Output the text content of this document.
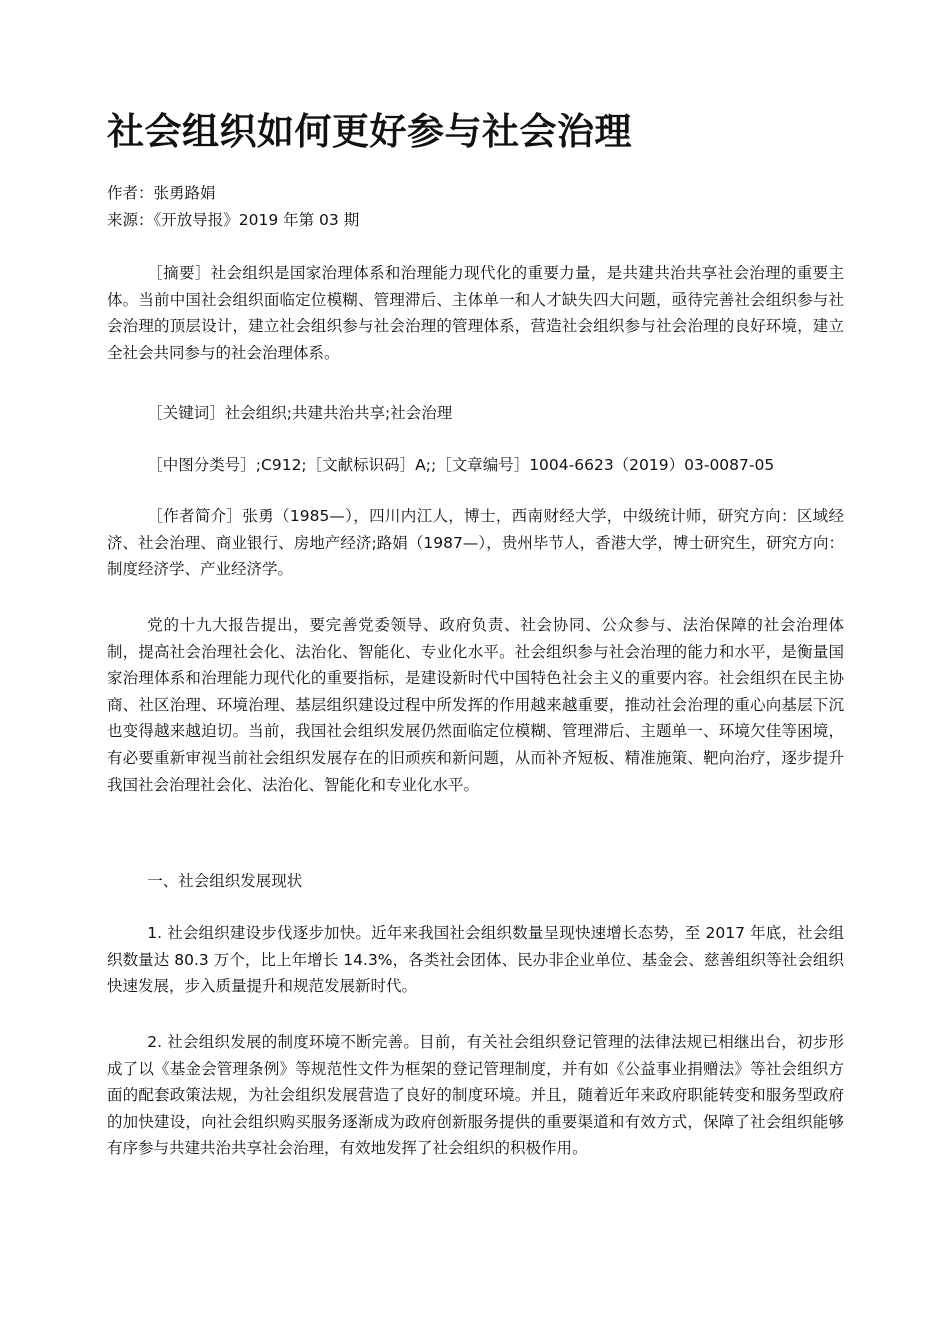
社会组织如何更好参与社会治理
作者：张勇路娟
来源：《开放导报》2019 年第 03 期

［摘要］社会组织是国家治理体系和治理能力现代化的重要力量，是共建共治共享社会治理的重要主体。当前中国社会组织面临定位模糊、管理滞后、主体单一和人才缺失四大问题，亟待完善社会组织参与社会治理的顶层设计，建立社会组织参与社会治理的管理体系，营造社会组织参与社会治理的良好环境，建立全社会共同参与的社会治理体系。

［关键词］社会组织;共建共治共享;社会治理

［中图分类号］;C912;［文献标识码］A;;［文章编号］1004-6623（2019）03-0087-05

［作者简介］张勇（1985—），四川内江人，博士，西南财经大学，中级统计师，研究方向：区域经济、社会治理、商业银行、房地产经济;路娟（1987—），贵州毕节人，香港大学，博士研究生，研究方向：制度经济学、产业经济学。

党的十九大报告提出，要完善党委领导、政府负责、社会协同、公众参与、法治保障的社会治理体制，提高社会治理社会化、法治化、智能化、专业化水平。社会组织参与社会治理的能力和水平，是衡量国家治理体系和治理能力现代化的重要指标，是建设新时代中国特色社会主义的重要内容。社会组织在民主协商、社区治理、环境治理、基层组织建设过程中所发挥的作用越来越重要，推动社会治理的重心向基层下沉也变得越来越迫切。当前，我国社会组织发展仍然面临定位模糊、管理滞后、主题单一、环境欠佳等困境，有必要重新审视当前社会组织发展存在的旧顽疾和新问题，从而补齐短板、精准施策、靶向治疗，逐步提升我国社会治理社会化、法治化、智能化和专业化水平。

一、社会组织发展现状

1. 社会组织建设步伐逐步加快。近年来我国社会组织数量呈现快速增长态势，至 2017 年底，社会组织数量达 80.3 万个，比上年增长 14.3%，各类社会团体、民办非企业单位、基金会、慈善组织等社会组织快速发展，步入质量提升和规范发展新时代。

2. 社会组织发展的制度环境不断完善。目前，有关社会组织登记管理的法律法规已相继出台，初步形成了以《基金会管理条例》等规范性文件为框架的登记管理制度，并有如《公益事业捐赠法》等社会组织方面的配套政策法规，为社会组织发展营造了良好的制度环境。并且，随着近年来政府职能转变和服务型政府的加快建设，向社会组织购买服务逐渐成为政府创新服务提供的重要渠道和有效方式，保障了社会组织能够有序参与共建共治共享社会治理，有效地发挥了社会组织的积极作用。
